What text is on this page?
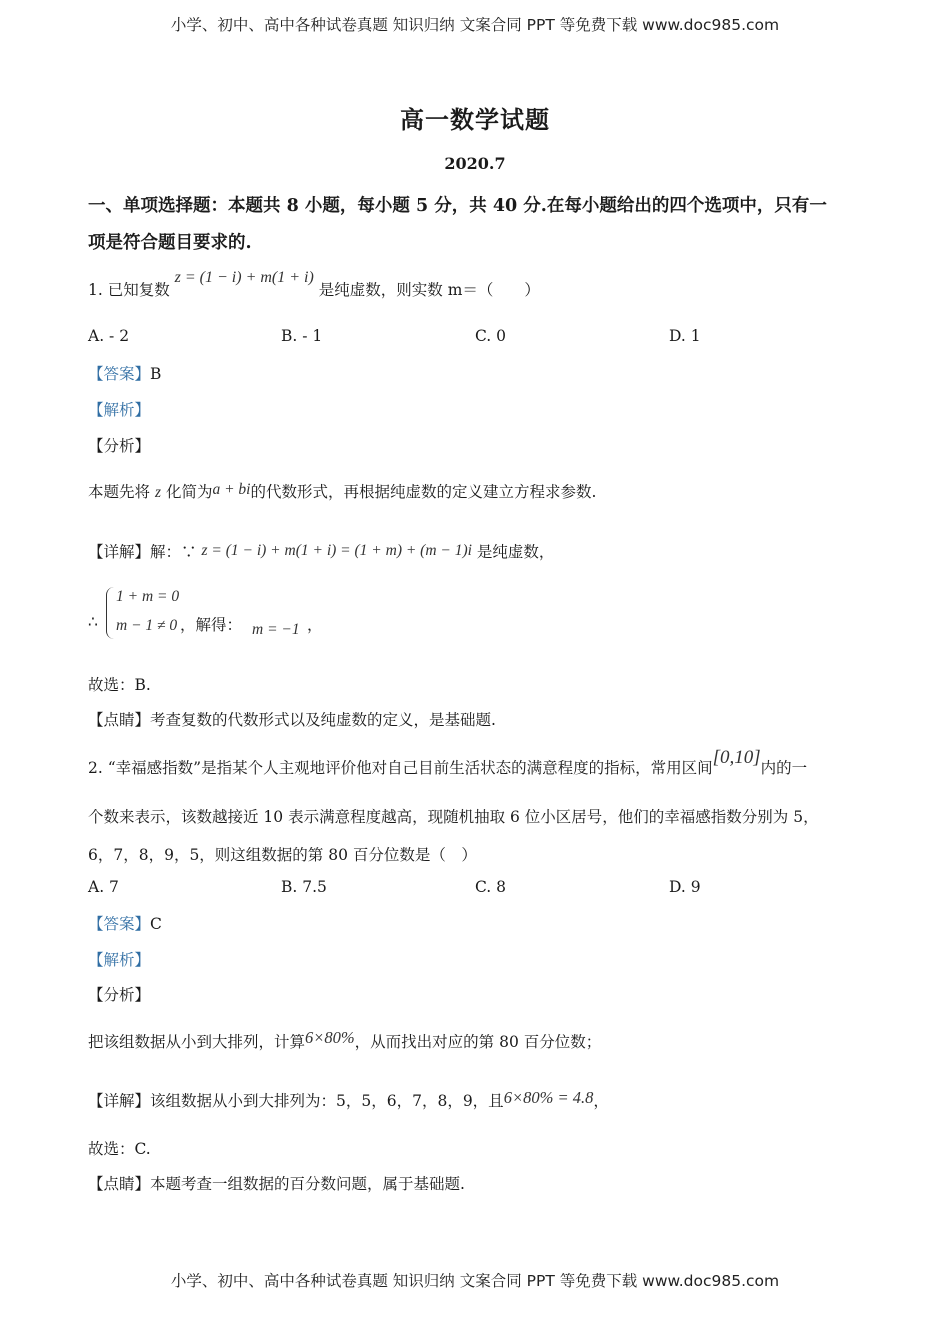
小学、初中、高中各种试卷真题 知识归纳 文案合同 PPT 等免费下载 www.doc985.com
小学、初中、高中各种试卷真题 知识归纳 文案合同 PPT 等免费下载 www.doc985.com
高一数学试题
2020.7
一、单项选择题：本题共 8 小题，每小题 5 分，共 40 分.在每小题给出的四个选项中，只有一
项是符合题目要求的.
1. 已知复数 z = (1 − i) + m(1 + i) 是纯虚数，则实数 m＝（　　）
A. - 2	B. - 1	C. 0	D. 1
【答案】B
【解析】
【分析】
本题先将 z 化简为a + bi的代数形式，再根据纯虚数的定义建立方程求参数.
【详解】解：∵ z = (1 − i) + m(1 + i) = (1 + m) + (m − 1)i 是纯虚数，
∴
1 + m = 0
m − 1 ≠ 0 ，解得： m = −1 ，
故选：B.
【点睛】考查复数的代数形式以及纯虚数的定义，是基础题.
2. “幸福感指数”是指某个人主观地评价他对自己目前生活状态的满意程度的指标，常用区间[0,10]内的一
个数来表示，该数越接近 10 表示满意程度越高，现随机抽取 6 位小区居号，他们的幸福感指数分别为 5，
6，7，8，9，5，则这组数据的第 80 百分位数是（　）
A. 7	B. 7.5	C. 8	D. 9
【答案】C
【解析】
【分析】
把该组数据从小到大排列，计算6×80%，从而找出对应的第 80 百分位数；
【详解】该组数据从小到大排列为：5，5，6，7，8，9，且6×80% = 4.8，
故选：C.
【点睛】本题考查一组数据的百分数问题，属于基础题.
